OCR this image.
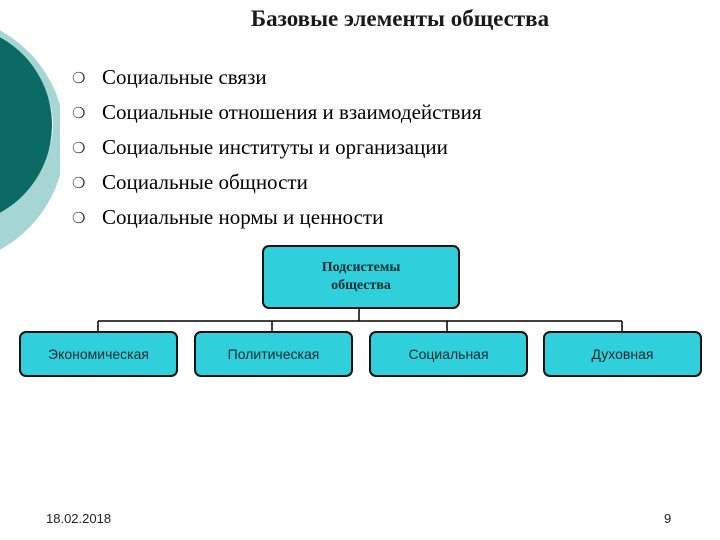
Базовые элементы общества
❍ Социальные связи
❍ Социальные отношения и взаимодействия
❍ Социальные институты и организации
❍ Социальные общности
❍ Социальные нормы и ценности
Подсистемы
общества
Экономическая	Политическая	Социальная	Духовная
18.02.2018	9
